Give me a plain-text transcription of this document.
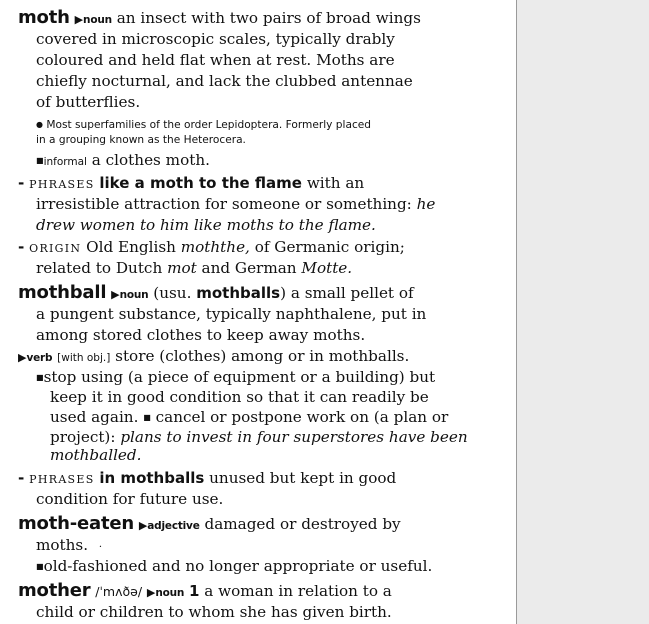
moth ▶noun an insect with two pairs of broad wings
covered in microscopic scales, typically drably
coloured and held flat when at rest. Moths are
chiefly nocturnal, and lack the clubbed antennae
of butterflies.
● Most superfamilies of the order Lepidoptera. Formerly placed
in a grouping known as the Heterocera.
■informal a clothes moth.
- PHRASES like a moth to the flame with an
irresistible attraction for someone or something: he
drew women to him like moths to the flame.
- ORIGIN Old English moththe, of Germanic origin;
related to Dutch mot and German Motte.
mothball ▶noun (usu. mothballs) a small pellet of
a pungent substance, typically naphthalene, put in
among stored clothes to keep away moths.
▶verb [with obj.] store (clothes) among or in mothballs.
■stop using (a piece of equipment or a building) but
keep it in good condition so that it can readily be
used again. ■ cancel or postpone work on (a plan or
project): plans to invest in four superstores have been
mothballed.
- PHRASES in mothballs unused but kept in good
condition for future use.
moth-eaten ▶adjective damaged or destroyed by
moths. ·
■old-fashioned and no longer appropriate or useful.
mother /ˈmʌðə/ ▶noun 1 a woman in relation to a
child or children to whom she has given birth.
